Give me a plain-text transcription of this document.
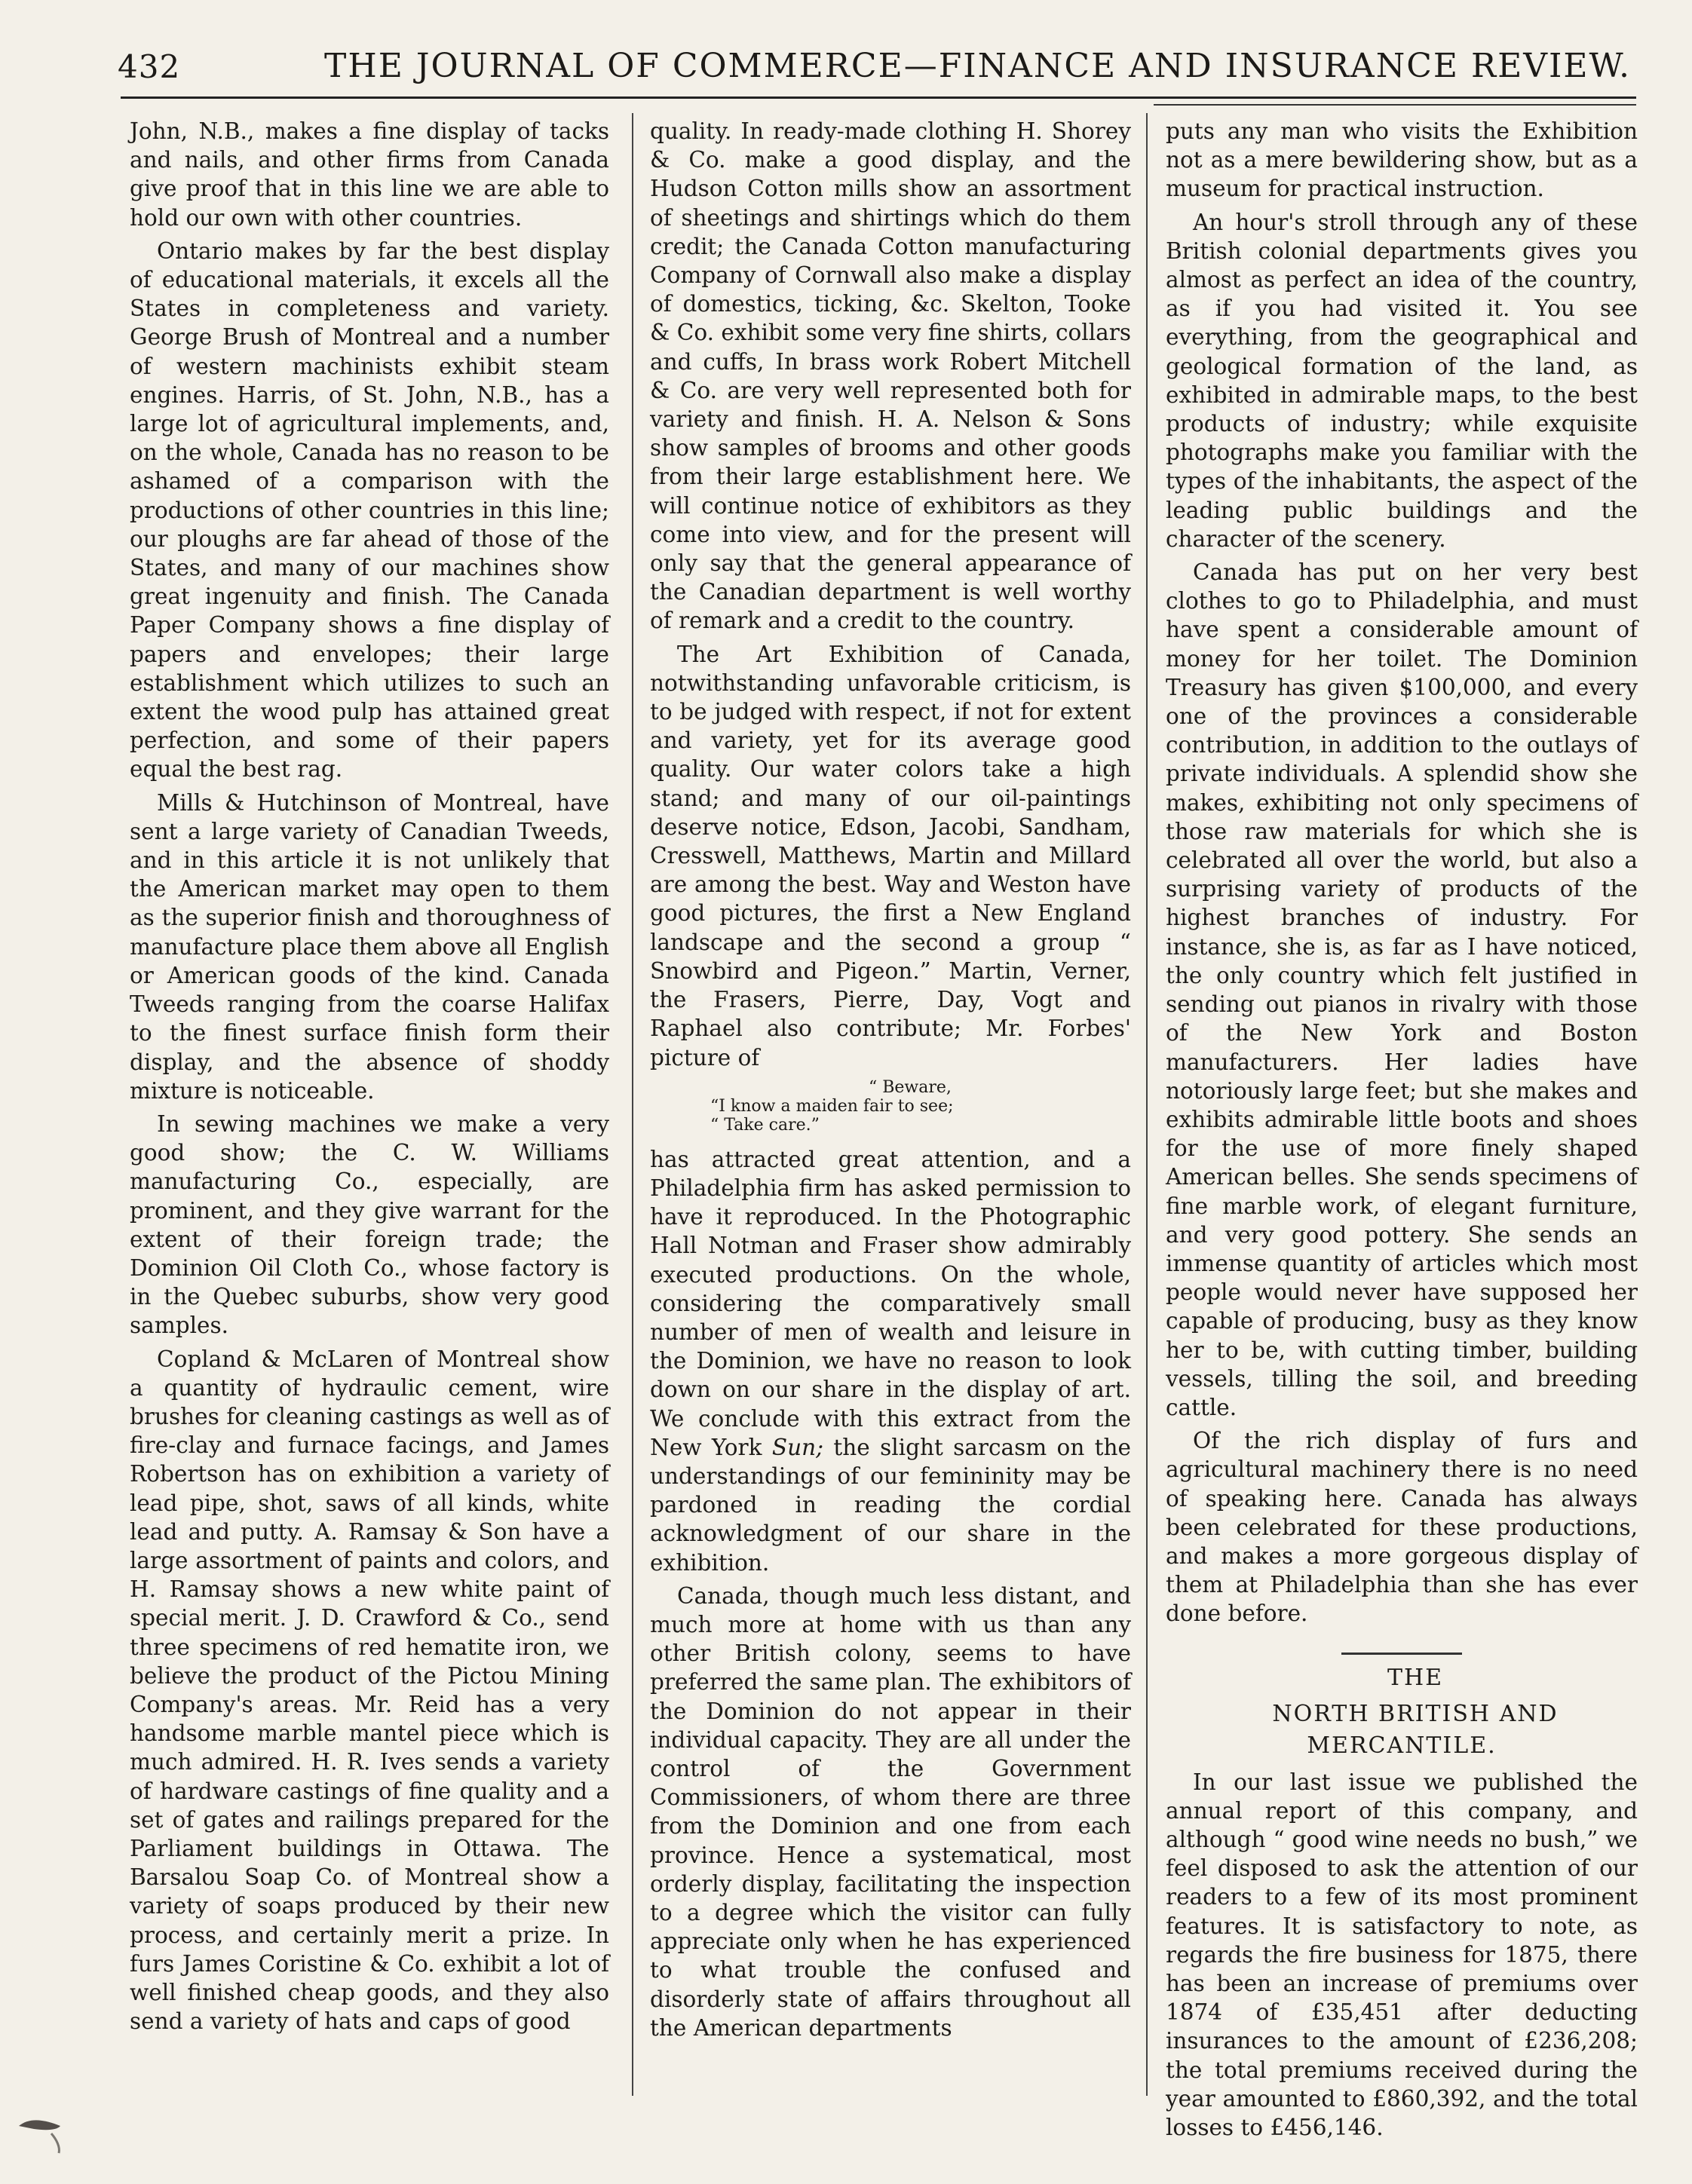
432	THE JOURNAL OF COMMERCE—FINANCE AND INSURANCE REVIEW.

John, N.B., makes a fine display of tacks and nails, and other firms from Canada give proof that in this line we are able to hold our own with other countries.

Ontario makes by far the best display of educational materials, it excels all the States in completeness and variety. George Brush of Montreal and a number of western machinists exhibit steam engines. Harris, of St. John, N.B., has a large lot of agricultural implements, and, on the whole, Canada has no reason to be ashamed of a comparison with the productions of other countries in this line; our ploughs are far ahead of those of the States, and many of our machines show great ingenuity and finish. The Canada Paper Company shows a fine display of papers and envelopes; their large establishment which utilizes to such an extent the wood pulp has attained great perfection, and some of their papers equal the best rag.

Mills & Hutchinson of Montreal, have sent a large variety of Canadian Tweeds, and in this article it is not unlikely that the American market may open to them as the superior finish and thoroughness of manufacture place them above all English or American goods of the kind. Canada Tweeds ranging from the coarse Halifax to the finest surface finish form their display, and the absence of shoddy mixture is noticeable.

In sewing machines we make a very good show; the C. W. Williams manufacturing Co., especially, are prominent, and they give warrant for the extent of their foreign trade; the Dominion Oil Cloth Co., whose factory is in the Quebec suburbs, show very good samples.

Copland & McLaren of Montreal show a quantity of hydraulic cement, wire brushes for cleaning castings as well as of fire-clay and furnace facings, and James Robertson has on exhibition a variety of lead pipe, shot, saws of all kinds, white lead and putty. A. Ramsay & Son have a large assortment of paints and colors, and H. Ramsay shows a new white paint of special merit. J. D. Crawford & Co., send three specimens of red hematite iron, we believe the product of the Pictou Mining Company's areas. Mr. Reid has a very handsome marble mantel piece which is much admired. H. R. Ives sends a variety of hardware castings of fine quality and a set of gates and railings prepared for the Parliament buildings in Ottawa. The Barsalou Soap Co. of Montreal show a variety of soaps produced by their new process, and certainly merit a prize. In furs James Coristine & Co. exhibit a lot of well finished cheap goods, and they also send a variety of hats and caps of good

quality. In ready-made clothing H. Shorey & Co. make a good display, and the Hudson Cotton mills show an assortment of sheetings and shirtings which do them credit; the Canada Cotton manufacturing Company of Cornwall also make a display of domestics, ticking, &c. Skelton, Tooke & Co. exhibit some very fine shirts, collars and cuffs, In brass work Robert Mitchell & Co. are very well represented both for variety and finish. H. A. Nelson & Sons show samples of brooms and other goods from their large establishment here. We will continue notice of exhibitors as they come into view, and for the present will only say that the general appearance of the Canadian department is well worthy of remark and a credit to the country.

The Art Exhibition of Canada, notwithstanding unfavorable criticism, is to be judged with respect, if not for extent and variety, yet for its average good quality. Our water colors take a high stand; and many of our oil-paintings deserve notice, Edson, Jacobi, Sandham, Cresswell, Matthews, Martin and Millard are among the best. Way and Weston have good pictures, the first a New England landscape and the second a group “ Snowbird and Pigeon.” Martin, Verner, the Frasers, Pierre, Day, Vogt and Raphael also contribute; Mr. Forbes' picture of

“ Beware,
“I know a maiden fair to see;
“ Take care.”

has attracted great attention, and a Philadelphia firm has asked permission to have it reproduced. In the Photographic Hall Notman and Fraser show admirably executed productions. On the whole, considering the comparatively small number of men of wealth and leisure in the Dominion, we have no reason to look down on our share in the display of art. We conclude with this extract from the New York Sun; the slight sarcasm on the understandings of our femininity may be pardoned in reading the cordial acknowledgment of our share in the exhibition.

Canada, though much less distant, and much more at home with us than any other British colony, seems to have preferred the same plan. The exhibitors of the Dominion do not appear in their individual capacity. They are all under the control of the Government Commissioners, of whom there are three from the Dominion and one from each province. Hence a systematical, most orderly display, facilitating the inspection to a degree which the visitor can fully appreciate only when he has experienced to what trouble the confused and disorderly state of affairs throughout all the American departments

puts any man who visits the Exhibition not as a mere bewildering show, but as a museum for practical instruction.

An hour's stroll through any of these British colonial departments gives you almost as perfect an idea of the country, as if you had visited it. You see everything, from the geographical and geological formation of the land, as exhibited in admirable maps, to the best products of industry; while exquisite photographs make you familiar with the types of the inhabitants, the aspect of the leading public buildings and the character of the scenery.

Canada has put on her very best clothes to go to Philadelphia, and must have spent a considerable amount of money for her toilet. The Dominion Treasury has given $100,000, and every one of the provinces a considerable contribution, in addition to the outlays of private individuals. A splendid show she makes, exhibiting not only specimens of those raw materials for which she is celebrated all over the world, but also a surprising variety of products of the highest branches of industry. For instance, she is, as far as I have noticed, the only country which felt justified in sending out pianos in rivalry with those of the New York and Boston manufacturers. Her ladies have notoriously large feet; but she makes and exhibits admirable little boots and shoes for the use of more finely shaped American belles. She sends specimens of fine marble work, of elegant furniture, and very good pottery. She sends an immense quantity of articles which most people would never have supposed her capable of producing, busy as they know her to be, with cutting timber, building vessels, tilling the soil, and breeding cattle.

Of the rich display of furs and agricultural machinery there is no need of speaking here. Canada has always been celebrated for these productions, and makes a more gorgeous display of them at Philadelphia than she has ever done before.

THE

NORTH BRITISH AND MERCANTILE.

In our last issue we published the annual report of this company, and although “ good wine needs no bush,” we feel disposed to ask the attention of our readers to a few of its most prominent features. It is satisfactory to note, as regards the fire business for 1875, there has been an increase of premiums over 1874 of £35,451 after deducting insurances to the amount of £236,208; the total premiums received during the year amounted to £860,392, and the total losses to £456,146.
